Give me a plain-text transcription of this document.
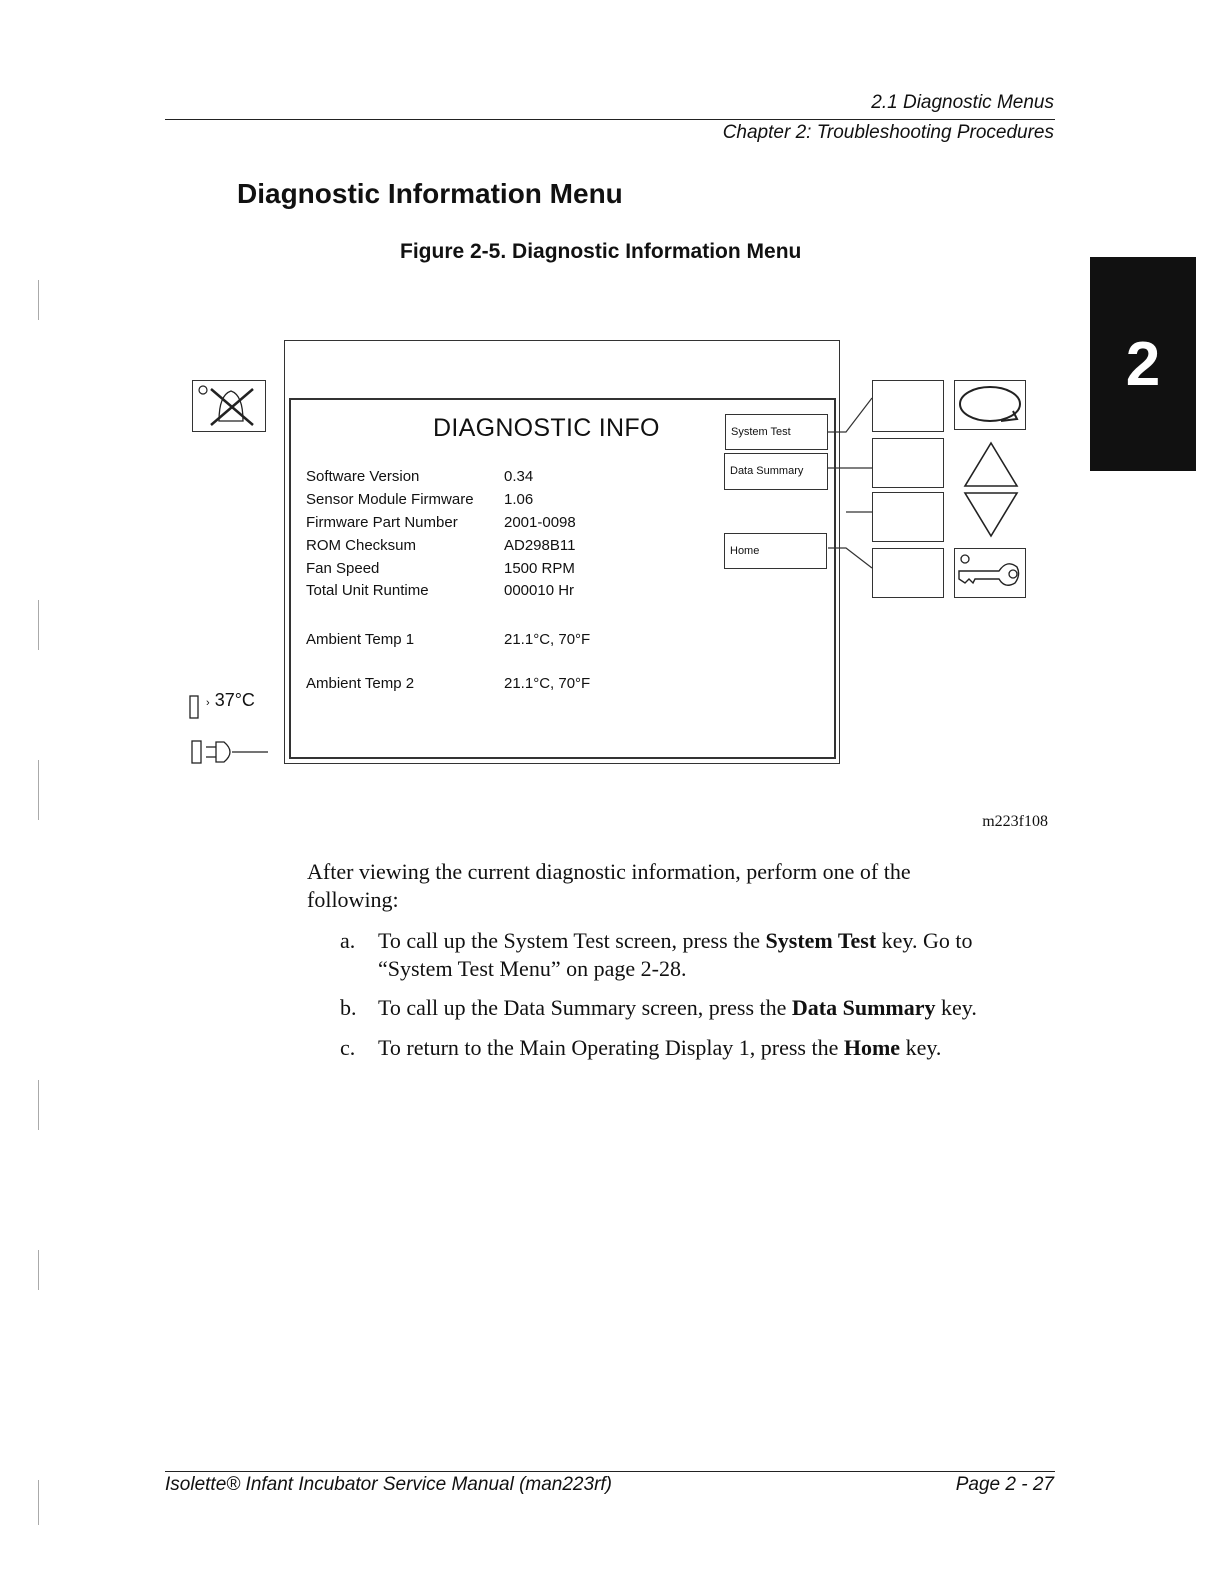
2.1 Diagnostic Menus
Chapter 2: Troubleshooting Procedures
2
Diagnostic Information Menu
Figure 2-5. Diagnostic Information Menu
DIAGNOSTIC INFO
Software Version	0.34
Sensor Module Firmware 1.06
Firmware Part Number	2001-0098
ROM Checksum	AD298B11
Fan Speed	1500 RPM
Total Unit Runtime	000010 Hr
Ambient Temp 1	21.1°C, 70°F
Ambient Temp 2	21.1°C, 70°F
System Test
Data Summary
Home
› 37°C
m223f108
After viewing the current diagnostic information, perform one of the following:
a. To call up the System Test screen, press the System Test key. Go to “System Test Menu” on page 2-28.
b. To call up the Data Summary screen, press the Data Summary key.
c. To return to the Main Operating Display 1, press the Home key.
Isolette® Infant Incubator Service Manual (man223rf)	Page 2 - 27
